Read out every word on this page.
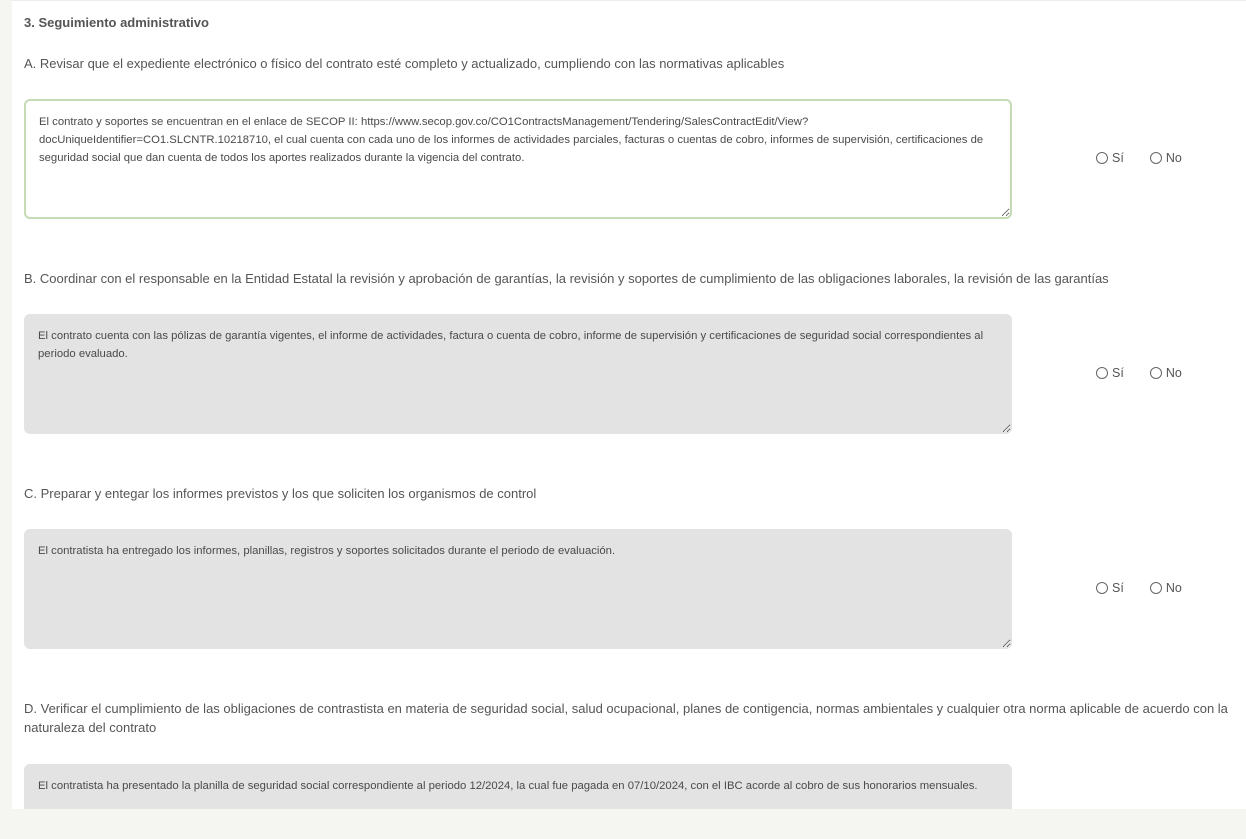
3. Seguimiento administrativo
A. Revisar que el expediente electrónico o físico del contrato esté completo y actualizado, cumpliendo con las normativas aplicables
El contrato y soportes se encuentran en el enlace de SECOP II: https://www.secop.gov.co/CO1ContractsManagement/Tendering/SalesContractEdit/View?docUniqueIdentifier=CO1.SLCNTR.10218710, el cual cuenta con cada uno de los informes de actividades parciales, facturas o cuentas de cobro, informes de supervisión, certificaciones de seguridad social que dan cuenta de todos los aportes realizados durante la vigencia del contrato.
Sí	No
B. Coordinar con el responsable en la Entidad Estatal la revisión y aprobación de garantías, la revisión y soportes de cumplimiento de las obligaciones laborales, la revisión de las garantías
El contrato cuenta con las pólizas de garantía vigentes, el informe de actividades, factura o cuenta de cobro, informe de supervisión y certificaciones de seguridad social correspondientes al periodo evaluado.
Sí	No
C. Preparar y entegar los informes previstos y los que soliciten los organismos de control
El contratista ha entregado los informes, planillas, registros y soportes solicitados durante el periodo de evaluación.
Sí	No
D. Verificar el cumplimiento de las obligaciones de contrastista en materia de seguridad social, salud ocupacional, planes de contigencia, normas ambientales y cualquier otra norma aplicable de acuerdo con la naturaleza del contrato
El contratista ha presentado la planilla de seguridad social correspondiente al periodo 12/2024, la cual fue pagada en 07/10/2024, con el IBC acorde al cobro de sus honorarios mensuales.
